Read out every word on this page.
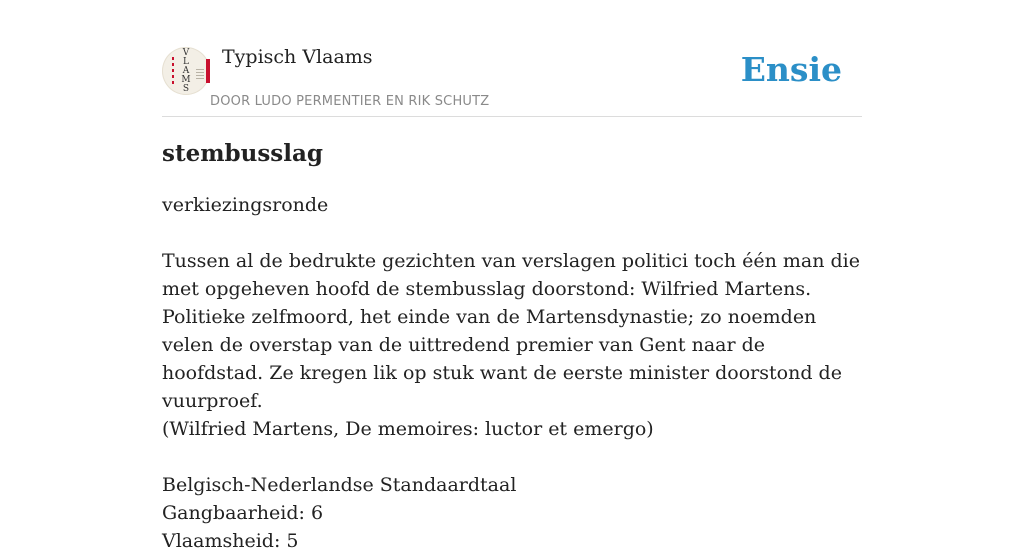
V
L
A
M
S
Typisch Vlaams
DOOR LUDO PERMENTIER EN RIK SCHUTZ
Ensie
stembusslag

verkiezingsronde

Tussen al de bedrukte gezichten van verslagen politici toch één man die met opgeheven hoofd de stembusslag doorstond: Wilfried Martens. Politieke zelfmoord, het einde van de Martensdynastie; zo noemden velen de overstap van de uittredend premier van Gent naar de hoofdstad. Ze kregen lik op stuk want de eerste minister doorstond de vuurproef.

(Wilfried Martens, De memoires: luctor et emergo)

Belgisch-Nederlandse Standaardtaal

Gangbaarheid: 6

Vlaamsheid: 5
